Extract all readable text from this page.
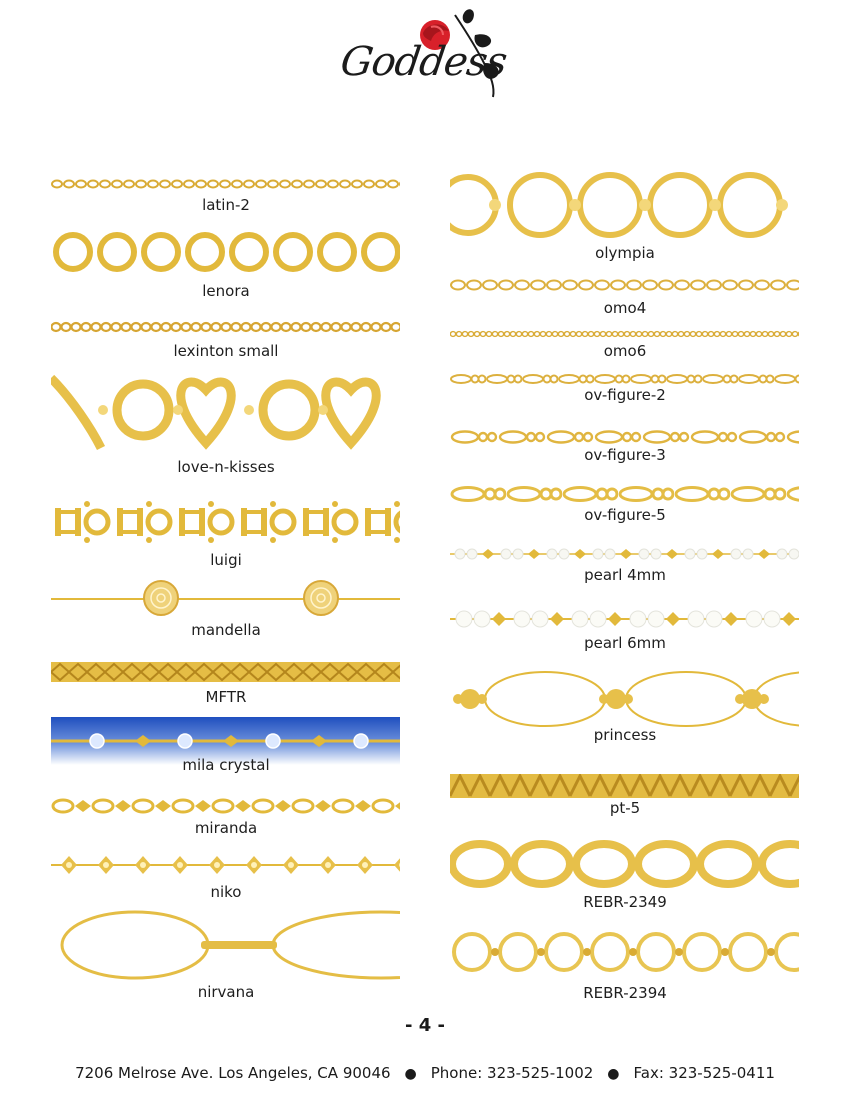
Goddess
latin-2
lenora
lexinton small
love-n-kisses
luigi
mandella
MFTR
mila crystal
miranda
niko
nirvana
olympia
omo4
omo6
ov-figure-2
ov-figure-3
ov-figure-5
pearl 4mm
pearl 6mm
princess
pt-5
REBR-2349
REBR-2394
- 4 -
7206 Melrose Ave. Los Angeles, CA 90046 ● Phone: 323-525-1002 ● Fax: 323-525-0411
